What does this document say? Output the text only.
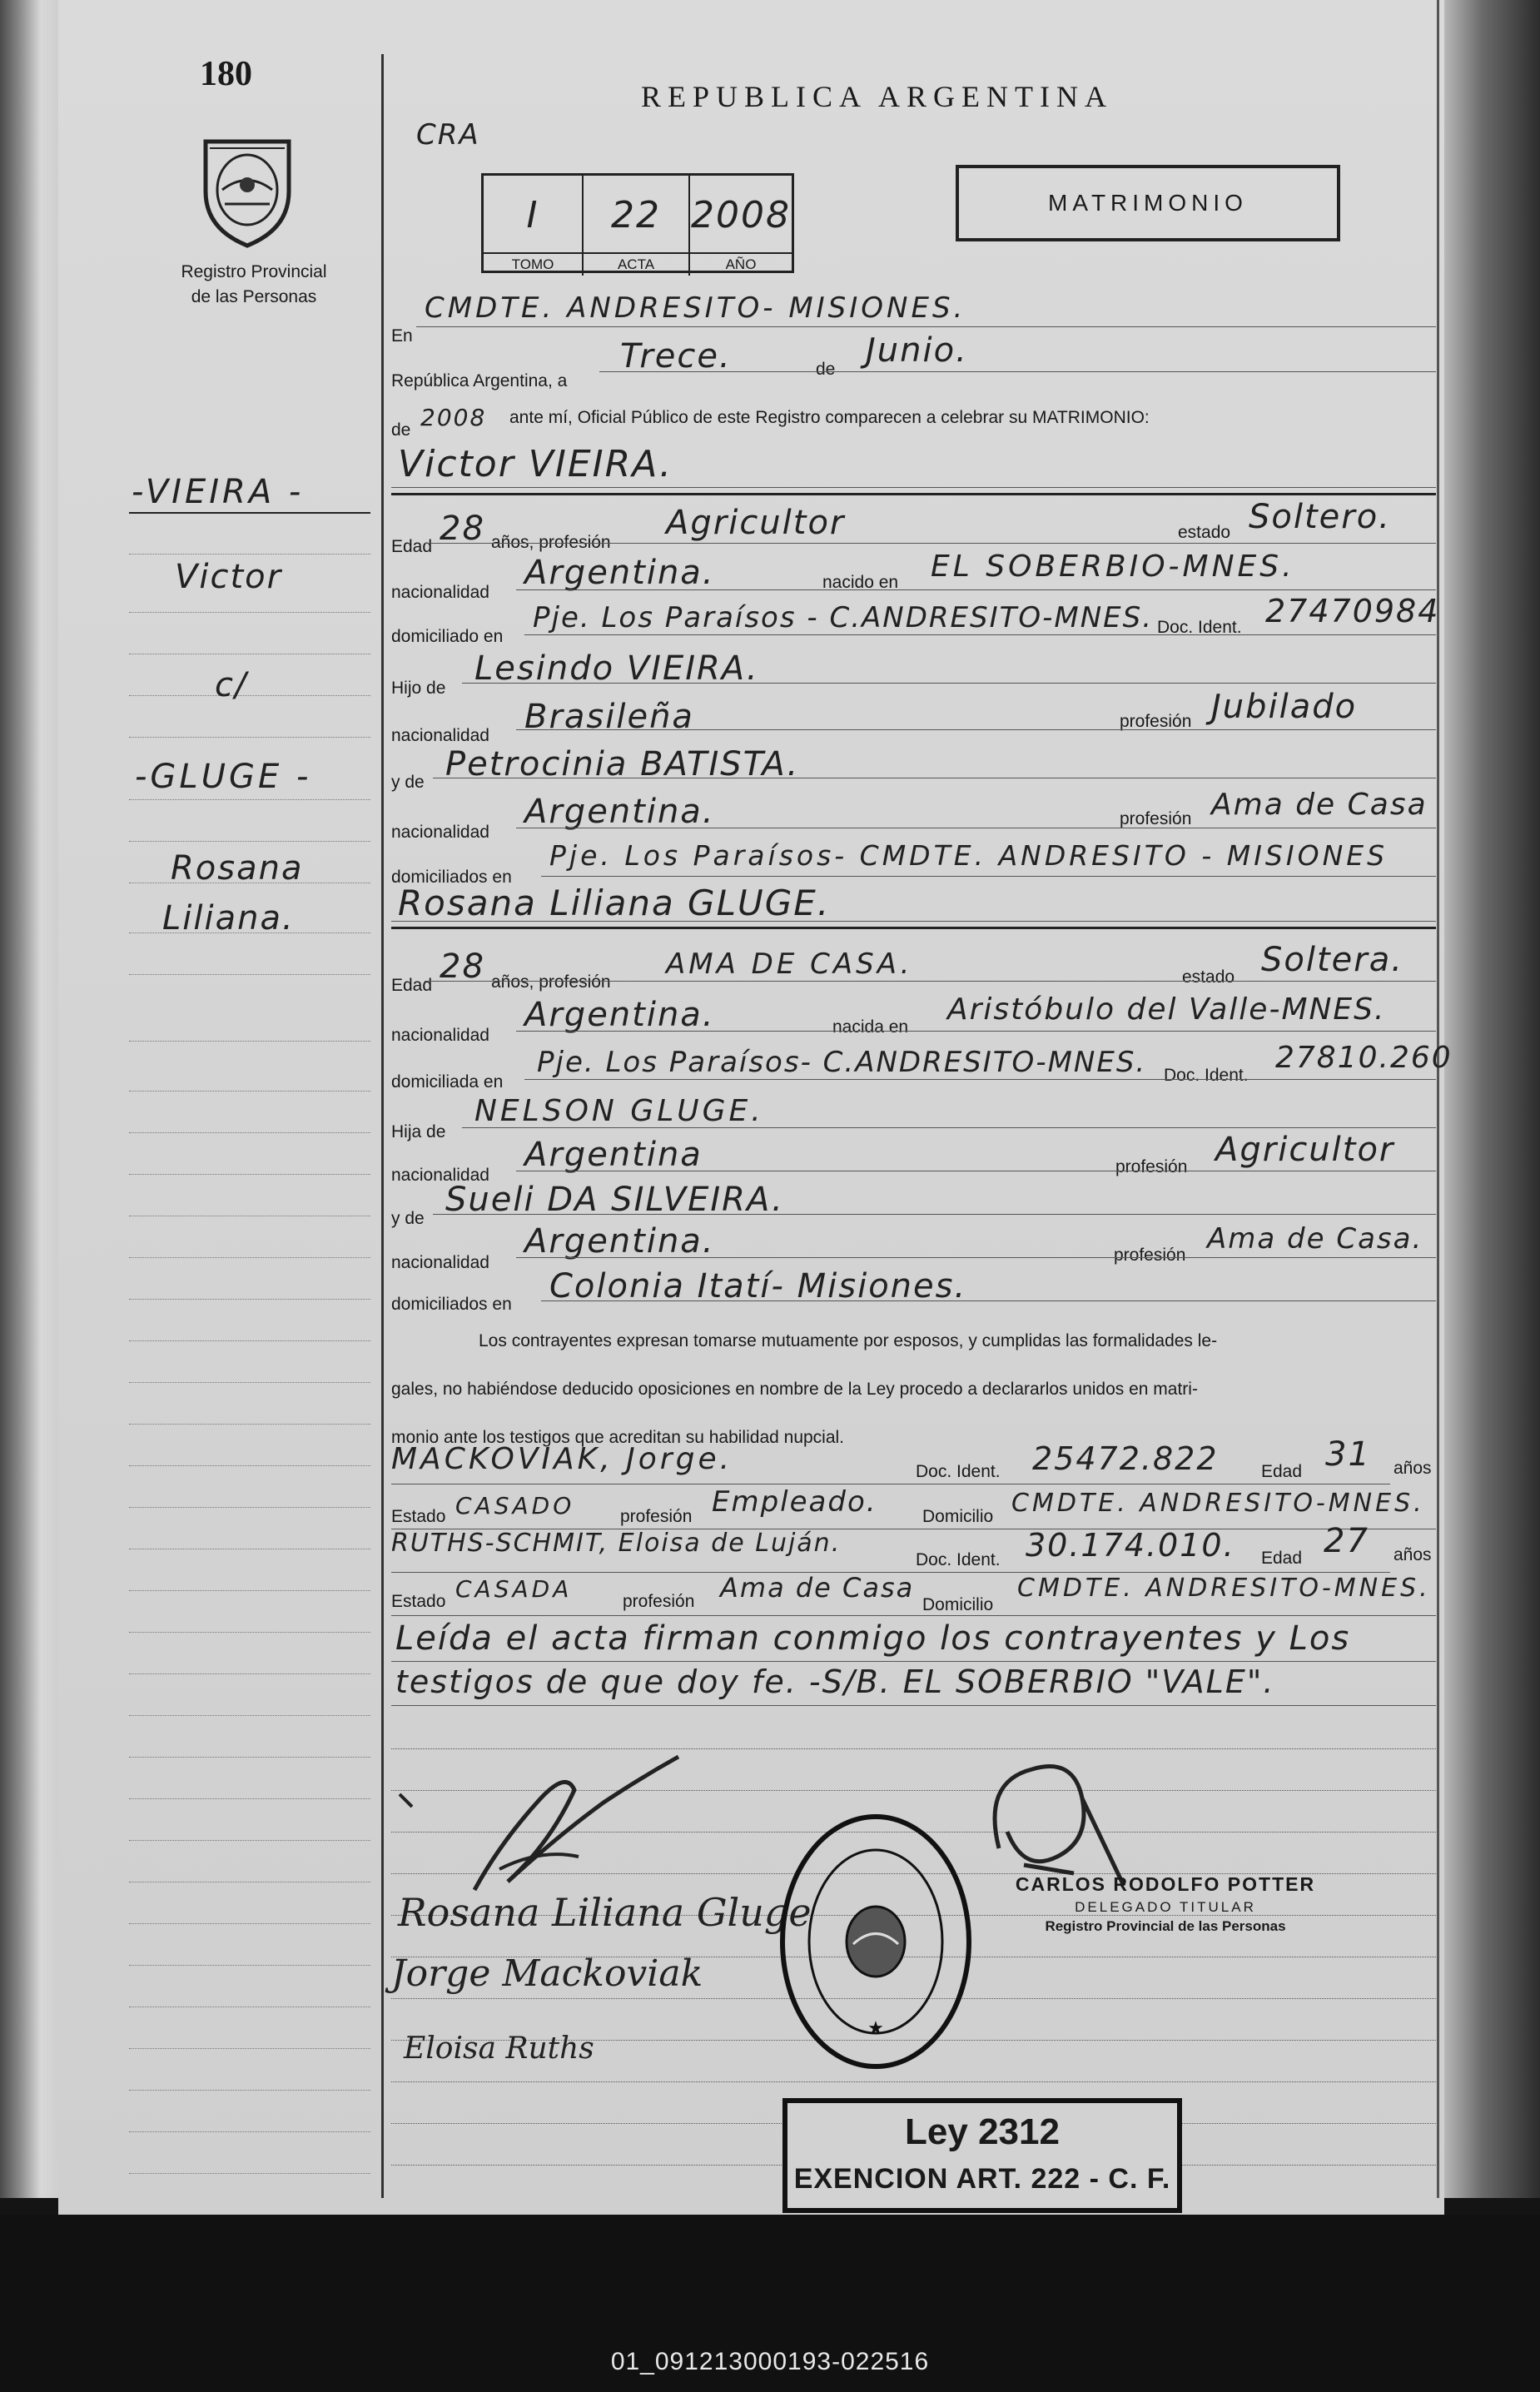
01_091213000193-022516
180
Registro Provincial
de las Personas
-VIEIRA -
Victor
c/
-GLUGE -
Rosana
Liliana.
REPUBLICA ARGENTINA
CRA
I
TOMO
22
ACTA
2008
AÑO
MATRIMONIO
En
CMDTE. ANDRESITO- MISIONES.
República Argentina, a
Trece.	de Junio.
de 2008 ante mí, Oficial Público de este Registro comparecen a celebrar su MATRIMONIO:
Victor VIEIRA.
Edad 28 años, profesión
Agricultor	estado Soltero.
nacionalidad
Argentina.	nacido en EL SOBERBIO-MNES.
domiciliado en
Pje. Los Paraísos - C.ANDRESITO-MNES. Doc. Ident. 27470984
Hijo de
Lesindo VIEIRA.
nacionalidad Brasileña	profesión Jubilado
y de Petrocinia BATISTA.
nacionalidad
Argentina.	profesión Ama de Casa
domiciliados en
Pje. Los Paraísos- CMDTE. ANDRESITO - MISIONES
Rosana Liliana GLUGE.
Edad 28 años, profesión
AMA DE CASA.	estado Soltera.
nacionalidad
Argentina.	nacida en
Aristóbulo del Valle-MNES.
domiciliada en
Pje. Los Paraísos- C.ANDRESITO-MNES. Doc. Ident.
27810.260
Hija de
NELSON GLUGE.
nacionalidad
Argentina	profesión Agricultor
y de Sueli DA SILVEIRA.
nacionalidad
Argentina.	profesión Ama de Casa.
domiciliados en Colonia Itatí- Misiones.
Los contrayentes expresan tomarse mutuamente por esposos, y cumplidas las formalidades le-
gales, no habiéndose deducido oposiciones en nombre de la Ley procedo a declararlos unidos en matri-
monio ante los testigos que acreditan su habilidad nupcial.
MACKOVIAK, Jorge.	Doc. Ident. 25472.822 Edad 31 años
Estado CASADO	profesión Empleado.	Domicilio CMDTE. ANDRESITO-MNES.
RUTHS-SCHMIT, Eloisa de Luján.
Doc. Ident. 30.174.010. Edad 27 años
Estado CASADA	profesión Ama de Casa
Domicilio
CMDTE. ANDRESITO-MNES.
Leída el acta firman conmigo los contrayentes y Los
testigos de que doy fe. -S/B. EL SOBERBIO "VALE".
Rosana Liliana Gluge
Jorge Mackoviak
Eloisa Ruths
★
CARLOS RODOLFO POTTER
DELEGADO TITULAR
Registro Provincial de las Personas
Ley 2312
EXENCION ART. 222 - C. F.
